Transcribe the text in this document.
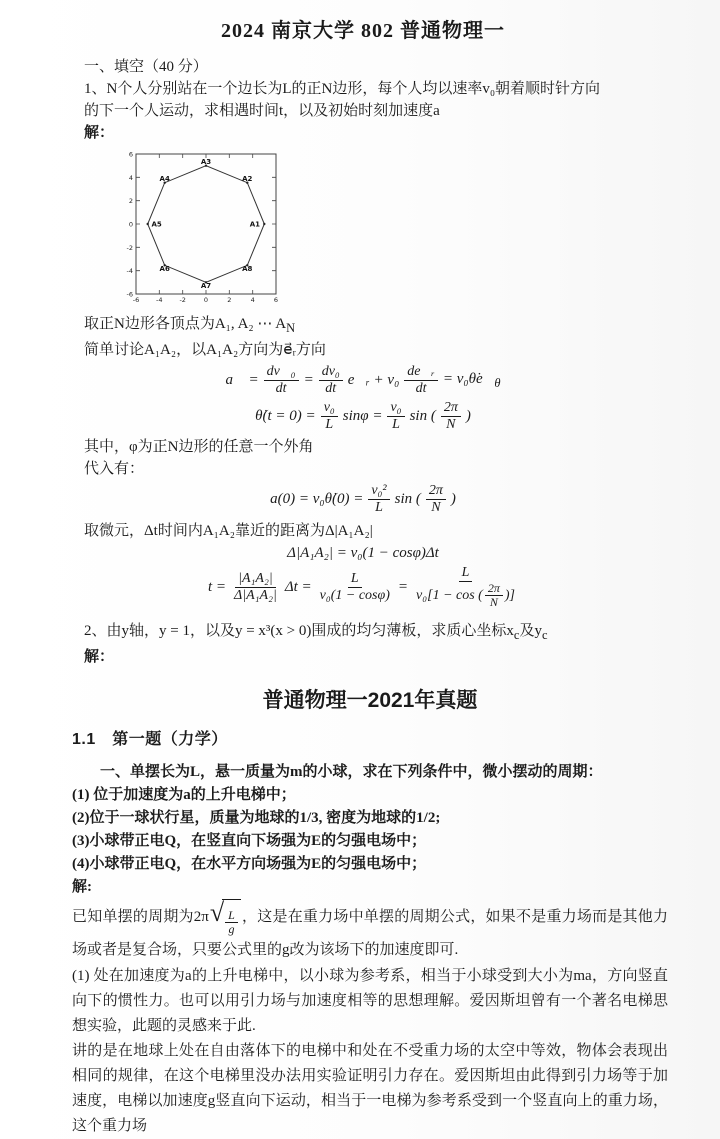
2024 南京大学 802 普通物理一
一、填空（40 分）
1、N个人分别站在一个边长为L的正N边形，每个人均以速率v₀朝着顺时针方向
的下一个人运动，求相遇时间t，以及初始时刻加速度a
解：
A1
A2
A3
A4
A5
A6
A7
A8
-6	-4	-2	0	2	4	6
6
4
2
0
-2
-4
-6
取正N边形各顶点为A₁, A₂ ⋯ $A_N$
简单讨论A₁A₂，以A₁A₂方向为e⃗ᵣ方向
a⃗ = $\frac{\text{dv⃗₀}}{dt} = \frac{\text{dv₀}}{dt}$ e⃗ᵣ + $v_0 \frac{\text{de⃗ᵣ}}{dt}$ = $v_0\thetȧe⃗_\theta$
θ̇(t = $0) = \frac{\text{v₀}}{L}$ $\sin\varphi = \frac{\text{v₀}}{L}$ sin ( $\frac{2\pi}{N}$ )
其中，φ为正N边形的任意一个外角
代入有：
a(0) = v₀θ̇(0) = $\frac{\text{v₀²}}{L}$ sin ( $\frac{2\pi}{N}$ )
取微元，Δt时间内A₁A₂靠近的距离为Δ|A₁A₂|
Δ|A₁A₂| = v₀(1 − cosφ)Δt
$t = \frac{\text{|A₁A₂|}}{\text{Δ|A₁A₂|}}$ $\Delta t = \frac{L}{\text{v₀(1 − cosφ)}} = \frac{L}{v_0[1 - \cos ( \frac{2\pi}{N} )]}$
2、由y轴，y = 1，以及y = x³(x > 0)围成的均匀薄板，求质心坐标$x_c$及$y_c$
解：
普通物理一2021年真题
1.1　第一题（力学）

一、单摆长为L，悬一质量为m的小球，求在下列条件中，微小摆动的周期：

(1) 位于加速度为a的上升电梯中；

(2)位于一球状行星，质量为地球的1/3, 密度为地球的1/2;

(3)小球带正电Q，在竖直向下场强为E的匀强电场中；

(4)小球带正电Q，在水平方向场强为E的匀强电场中；

解:

已知单摆的周期为2π √ $\frac{L}{g}$ ，这是在重力场中单摆的周期公式，如果不是重力场而是其他力场或者是复合场，只要公式里的g改为该场下的加速度即可.

(1) 处在加速度为a的上升电梯中，以小球为参考系，相当于小球受到大小为ma，方向竖直向下的惯性力。也可以用引力场与加速度相等的思想理解。爱因斯坦曾有一个著名电梯思想实验，此题的灵感来于此.

讲的是在地球上处在自由落体下的电梯中和处在不受重力场的太空中等效，物体会表现出相同的规律，在这个电梯里没办法用实验证明引力存在。爱因斯坦由此得到引力场等于加速度，电梯以加速度g竖直向下运动，相当于一电梯为参考系受到一个竖直向上的重力场，这个重力场
